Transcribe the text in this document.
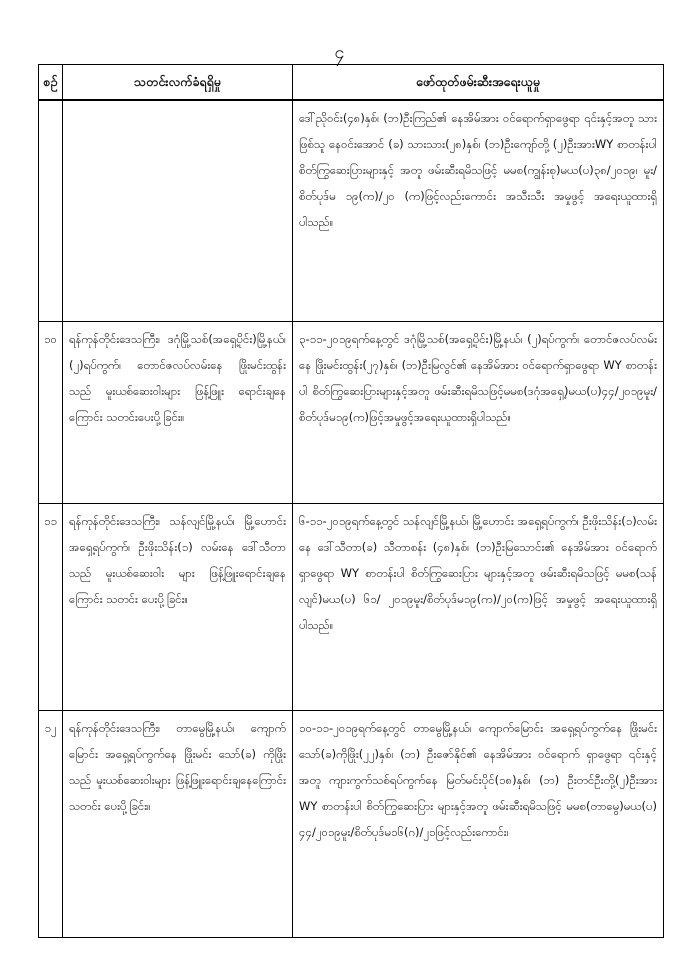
၄
စဉ်	သတင်းလက်ခံရရှိမှု	ဖော်ထုတ်ဖမ်းဆီးအရေးယူမှု
		ဒေါ်ညိုဝင်း(၄၈)နှစ်၊ (ဘ)ဦးကြည်၏ နေအိမ်အား ဝင်ရောက်ရှာဖွေရာ ၎င်းနှင့်အတူ သားဖြစ်သူ နေဝင်းအောင် (ခ) သားသား(၂၈)နှစ်၊ (ဘ)ဦးကျော်တို့ (၂)ဦးအားWY စာတန်းပါစိတ်ကြွဆေးပြားများနှင့် အတူ ဖမ်းဆီးရမိသဖြင့် မမစ(ကျွန်းစု)မယ(ပ)၃၈/၂၀၁၉၊ မူး/စိတ်ပုဒ်မ ၁၉(က)/၂၀ (က)ဖြင့်လည်းကောင်း အသီးသီး အမှုဖွင့် အရေးယူထားရှိပါသည်။
၁၀	ရန်ကုန်တိုင်းဒေသကြီး၊ ဒဂုံမြို့သစ်(အရှေ့ပိုင်း)မြို့နယ်၊ (၂)ရပ်ကွက်၊ တောင်ဇလပ်လမ်းနေ ဖြိုးမင်းထွန်း သည် မူးယစ်ဆေးဝါးများ ဖြန့်ဖြူး ရောင်းချနေကြောင်း သတင်းပေးပို့ခြင်း။	၃-၁၁-၂၀၁၉ရက်နေ့တွင် ဒဂုံမြို့သစ်(အရှေ့ပိုင်း)မြို့နယ်၊ (၂)ရပ်ကွက်၊ တောင်ဇလပ်လမ်းနေ ဖြိုးမင်းထွန်း(၂၇)နှစ်၊ (ဘ)ဦးမြလွင်၏ နေအိမ်အား ဝင်ရောက်ရှာဖွေရာ WY စာတန်းပါ စိတ်ကြွဆေးပြားများနှင့်အတူ ဖမ်းဆီးရမိသဖြင့်မမစ(ဒဂုံအရှေ့)မယ(ပ)၄၄/၂၀၁၉မူး/စိတ်ပုဒ်မ၁၉(က)ဖြင့်အမှုဖွင့်အရေးယူထားရှိပါသည်။
၁၁	ရန်ကုန်တိုင်းဒေသကြီး၊ သန်လျင်မြို့နယ်၊ မြို့ဟောင်းအရှေ့ရပ်ကွက်၊ ဦးဖိုးသိန်း(၁) လမ်းနေ ဒေါ်သီတာသည် မူးယစ်ဆေးဝါး များ ဖြန့်ဖြူးရောင်းချနေကြောင်း သတင်း ပေးပို့ခြင်း။	၆-၁၁-၂၀၁၉ရက်နေ့တွင် သန်လျင်မြို့နယ်၊ မြို့ဟောင်း အရှေ့ရပ်ကွက်၊ ဦးဖိုးသိန်း(၁)လမ်းနေ ဒေါ်သီတာ(ခ) သီတာစန်း (၄၈)နှစ်၊ (ဘ)ဦးမြသောင်း၏ နေအိမ်အား ဝင်ရောက်ရှာဖွေရာ WY စာတန်းပါ စိတ်ကြွဆေးပြား များနှင့်အတူ ဖမ်းဆီးရမိသဖြင့် မမစ(သန်လျင်)မယ(ပ) ၆၁/ ၂၀၁၉မူး/စိတ်ပုဒ်မ၁၉(က)/၂၀(က)ဖြင့် အမှုဖွင့် အရေးယူထားရှိပါသည်။
၁၂	ရန်ကုန်တိုင်းဒေသကြီး၊ တာမွေမြို့နယ်၊ ကျောက်မြောင်း အရှေ့ရပ်ကွက်နေ ဖြိုးမင်း သော်(ခ) ကိုဖြိုး သည် မူးယစ်ဆေးဝါးများ ဖြန့်ဖြူးရောင်းချနေကြောင်း သတင်း ပေးပို့ခြင်း။	၁၀-၁၁-၂၀၁၉ရက်နေ့တွင် တာမွေမြို့နယ်၊ ကျောက်မြောင်း အရှေ့ရပ်ကွက်နေ ဖြိုးမင်းသော်(ခ)ကိုဖြိုး(၂၂)နှစ်၊ (ဘ) ဦးဇော်နိုင်၏ နေအိမ်အား ဝင်ရောက် ရှာဖွေရာ ၎င်းနှင့်အတူ ကျားကွက်သစ်ရပ်ကွက်နေ မြတ်မင်းပိုင်(၁၈)နှစ်၊ (ဘ) ဦးတင်ဦးတို့(၂)ဦးအား WY စာတန်းပါ စိတ်ကြွဆေးပြား များနှင့်အတူ ဖမ်းဆီးရမိသဖြင့် မမစ(တာမွေ)မယ(ပ) ၄၄/၂၀၁၉မူး/စိတ်ပုဒ်မ၁၆(ဂ)/၂၁ဖြင့်လည်းကောင်း၊
